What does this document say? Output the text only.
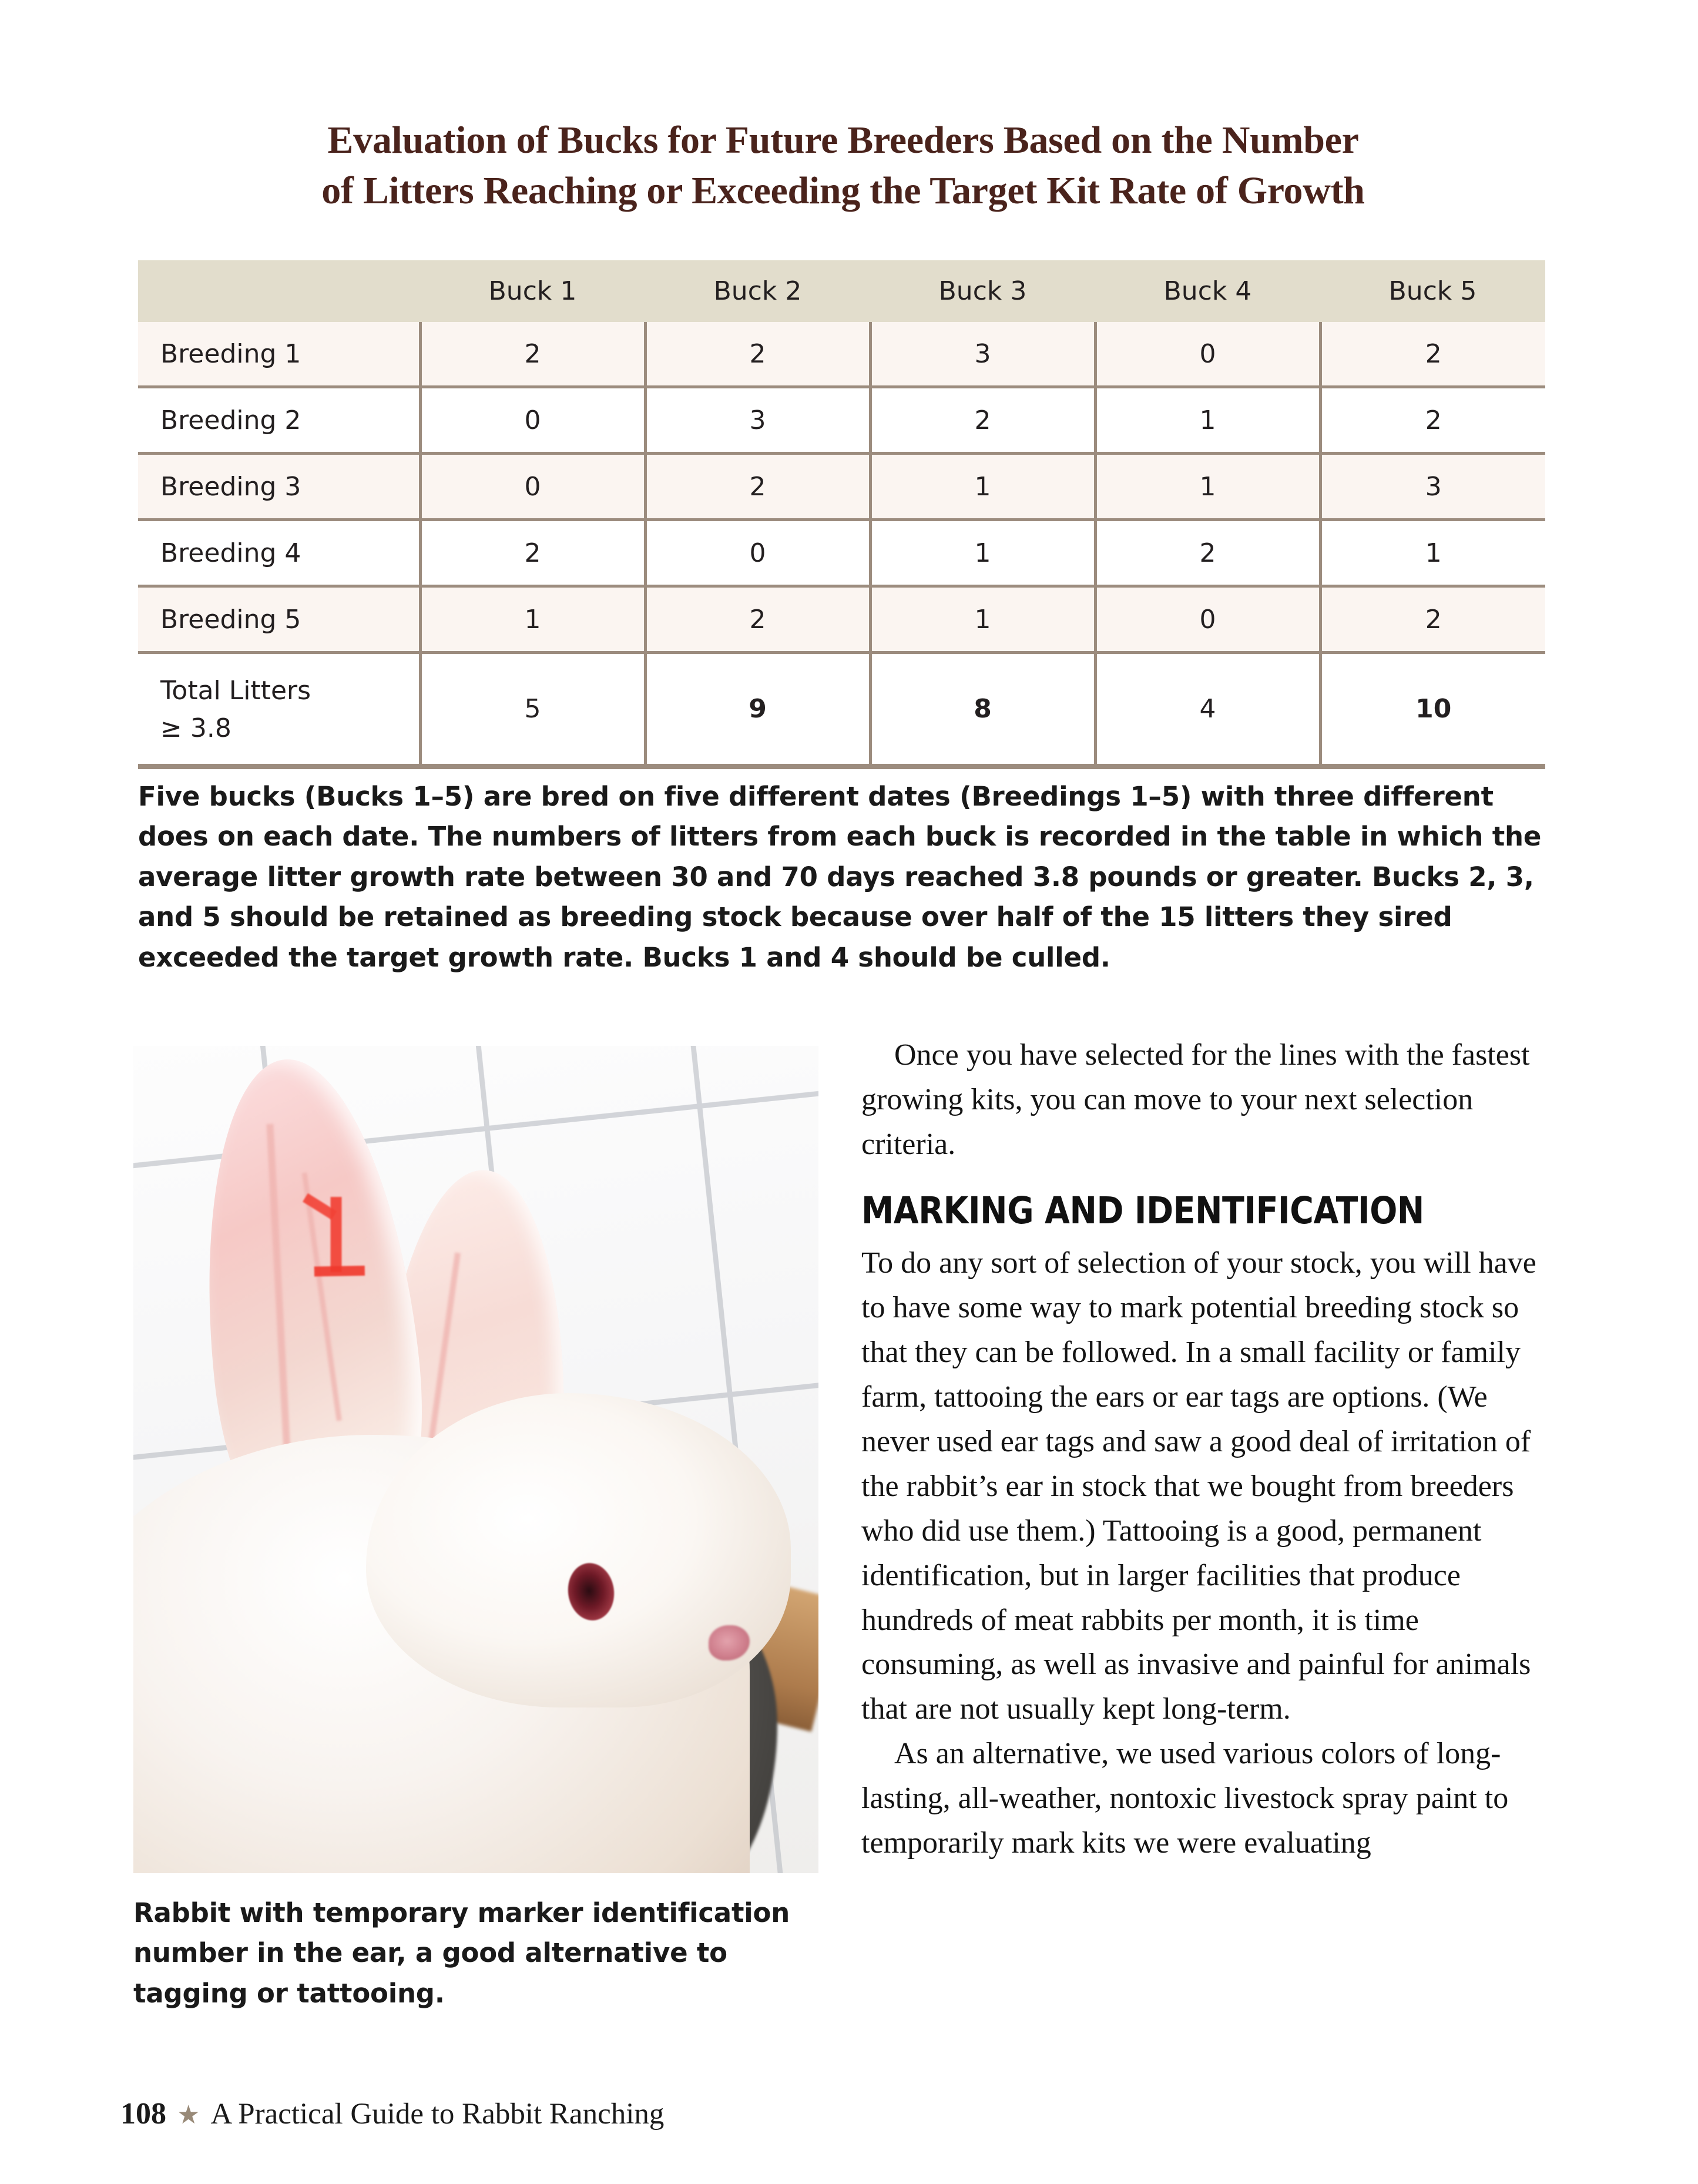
Evaluation of Bucks for Future Breeders Based on the Number
of Litters Reaching or Exceeding the Target Kit Rate of Growth
	Buck 1	Buck 2	Buck 3	Buck 4	Buck 5
Breeding 1	2	2	3	0	2
Breeding 2	0	3	2	1	2
Breeding 3	0	2	1	1	3
Breeding 4	2	0	1	2	1
Breeding 5	1	2	1	0	2
Total Litters
≥ 3.8	5	9	8	4	10
Five bucks (Bucks 1–5) are bred on five different dates (Breedings 1–5) with three different does on each date. The numbers of litters from each buck is recorded in the table in which the average litter growth rate between 30 and 70 days reached 3.8 pounds or greater. Bucks 2, 3, and 5 should be retained as breeding stock because over half of the 15 litters they sired exceeded the target growth rate. Bucks 1 and 4 should be culled.
Rabbit with temporary marker identification number in the ear, a good alternative to tagging or tattooing.

Once you have selected for the lines with the fastest growing kits, you can move to your next selection criteria.

MARKING AND IDENTIFICATION

To do any sort of selection of your stock, you will have to have some way to mark potential breeding stock so that they can be followed. In a small facility or family farm, tattooing the ears or ear tags are options. (We never used ear tags and saw a good deal of irritation of the rabbit’s ear in stock that we bought from breeders who did use them.) Tattooing is a good, permanent identification, but in larger facilities that produce hundreds of meat rabbits per month, it is time consuming, as well as invasive and painful for animals that are not usually kept long-term.

As an alternative, we used various colors of long-lasting, all-weather, nontoxic livestock spray paint to temporarily mark kits we were evaluating

108 ★ A Practical Guide to Rabbit Ranching
